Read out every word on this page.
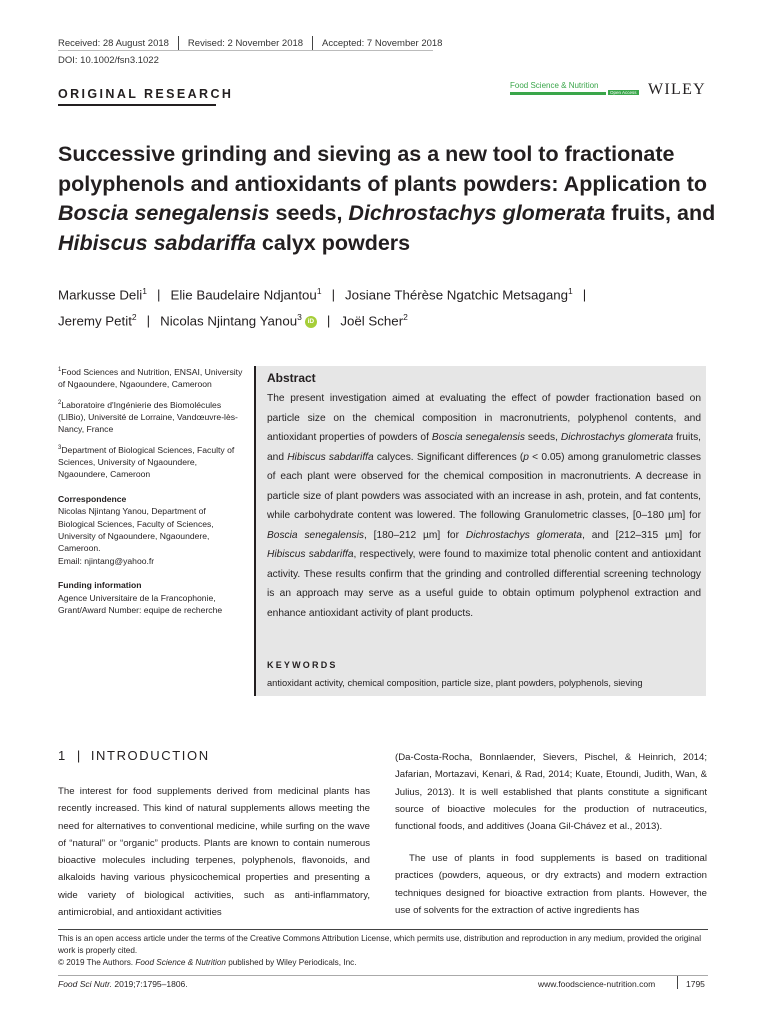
Received: 28 August 2018 Revised: 2 November 2018 Accepted: 7 November 2018
DOI: 10.1002/fsn3.1022
ORIGINAL RESEARCH
Food Science & Nutrition
Open Access WILEY
Successive grinding and sieving as a new tool to fractionate polyphenols and antioxidants of plants powders: Application to Boscia senegalensis seeds, Dichrostachys glomerata fruits, and
Hibiscus sabdariffa calyx powders
Markusse Deli$^1$ | Elie Baudelaire Ndjantou$^1$ | Josiane Thérèse Ngatchic Metsagang$^1$ |
Jeremy Petit$^2$ | Nicolas Njintang Yanou$^3$ iD | Joël Scher$^2$

$^1$Food Sciences and Nutrition, ENSAI, University of Ngaoundere, Ngaoundere, Cameroon

$^2$Laboratoire d'Ingénierie des Biomolécules (LIBio), Université de Lorraine, Vandœuvre-lès-Nancy, France

$^3$Department of Biological Sciences, Faculty of Sciences, University of Ngaoundere, Ngaoundere, Cameroon

Correspondence

Nicolas Njintang Yanou, Department of Biological Sciences, Faculty of Sciences, University of Ngaoundere, Ngaoundere, Cameroon.

Email: njintang@yahoo.fr

Funding information

Agence Universitaire de la Francophonie, Grant/Award Number: equipe de recherche

Abstract

The present investigation aimed at evaluating the effect of powder fractionation based on particle size on the chemical composition in macronutrients, polyphenol contents, and antioxidant properties of powders of Boscia senegalensis seeds, Dichrostachys glomerata fruits, and Hibiscus sabdariffa calyces. Significant differences (p < 0.05) among granulometric classes of each plant were observed for the chemical composition in macronutrients. A decrease in particle size of plant powders was associated with an increase in ash, protein, and fat contents, while carbohydrate content was lowered. The following Granulometric classes, [0–180 µm] for Boscia senegalensis, [180–212 µm] for Dichrostachys glomerata, and [212–315 µm] for Hibiscus sabdariffa, respectively, were found to maximize total phenolic content and antioxidant activity. These results confirm that the grinding and controlled differential screening technology is an approach may serve as a useful guide to obtain optimum polyphenol extraction and enhance antioxidant activity of plant products.

KEYWORDS
antioxidant activity, chemical composition, particle size, plant powders, polyphenols, sieving
1 | INTRODUCTION

The interest for food supplements derived from medicinal plants has recently increased. This kind of natural supplements allows meeting the need for alternatives to conventional medicine, while surfing on the wave of “natural” or “organic” products. Plants are known to contain numerous bioactive molecules including terpenes, polyphenols, flavonoids, and alkaloids having various physicochemical properties and presenting a wide variety of biological activities, such as anti-inflammatory, antimicrobial, and antioxidant activities

(Da-Costa-Rocha, Bonnlaender, Sievers, Pischel, & Heinrich, 2014; Jafarian, Mortazavi, Kenari, & Rad, 2014; Kuate, Etoundi, Judith, Wan, & Julius, 2013). It is well established that plants constitute a significant source of bioactive molecules for the production of nutraceutics, functional foods, and additives (Joana Gil-Chávez et al., 2013).

The use of plants in food supplements is based on traditional practices (powders, aqueous, or dry extracts) and modern extraction techniques designed for bioactive extraction from plants. However, the use of solvents for the extraction of active ingredients has

This is an open access article under the terms of the Creative Commons Attribution License, which permits use, distribution and reproduction in any medium, provided the original work is properly cited.

© 2019 The Authors. Food Science & Nutrition published by Wiley Periodicals, Inc.
Food Sci Nutr. 2019;7:1795–1806.	www.foodscience-nutrition.com	1795
